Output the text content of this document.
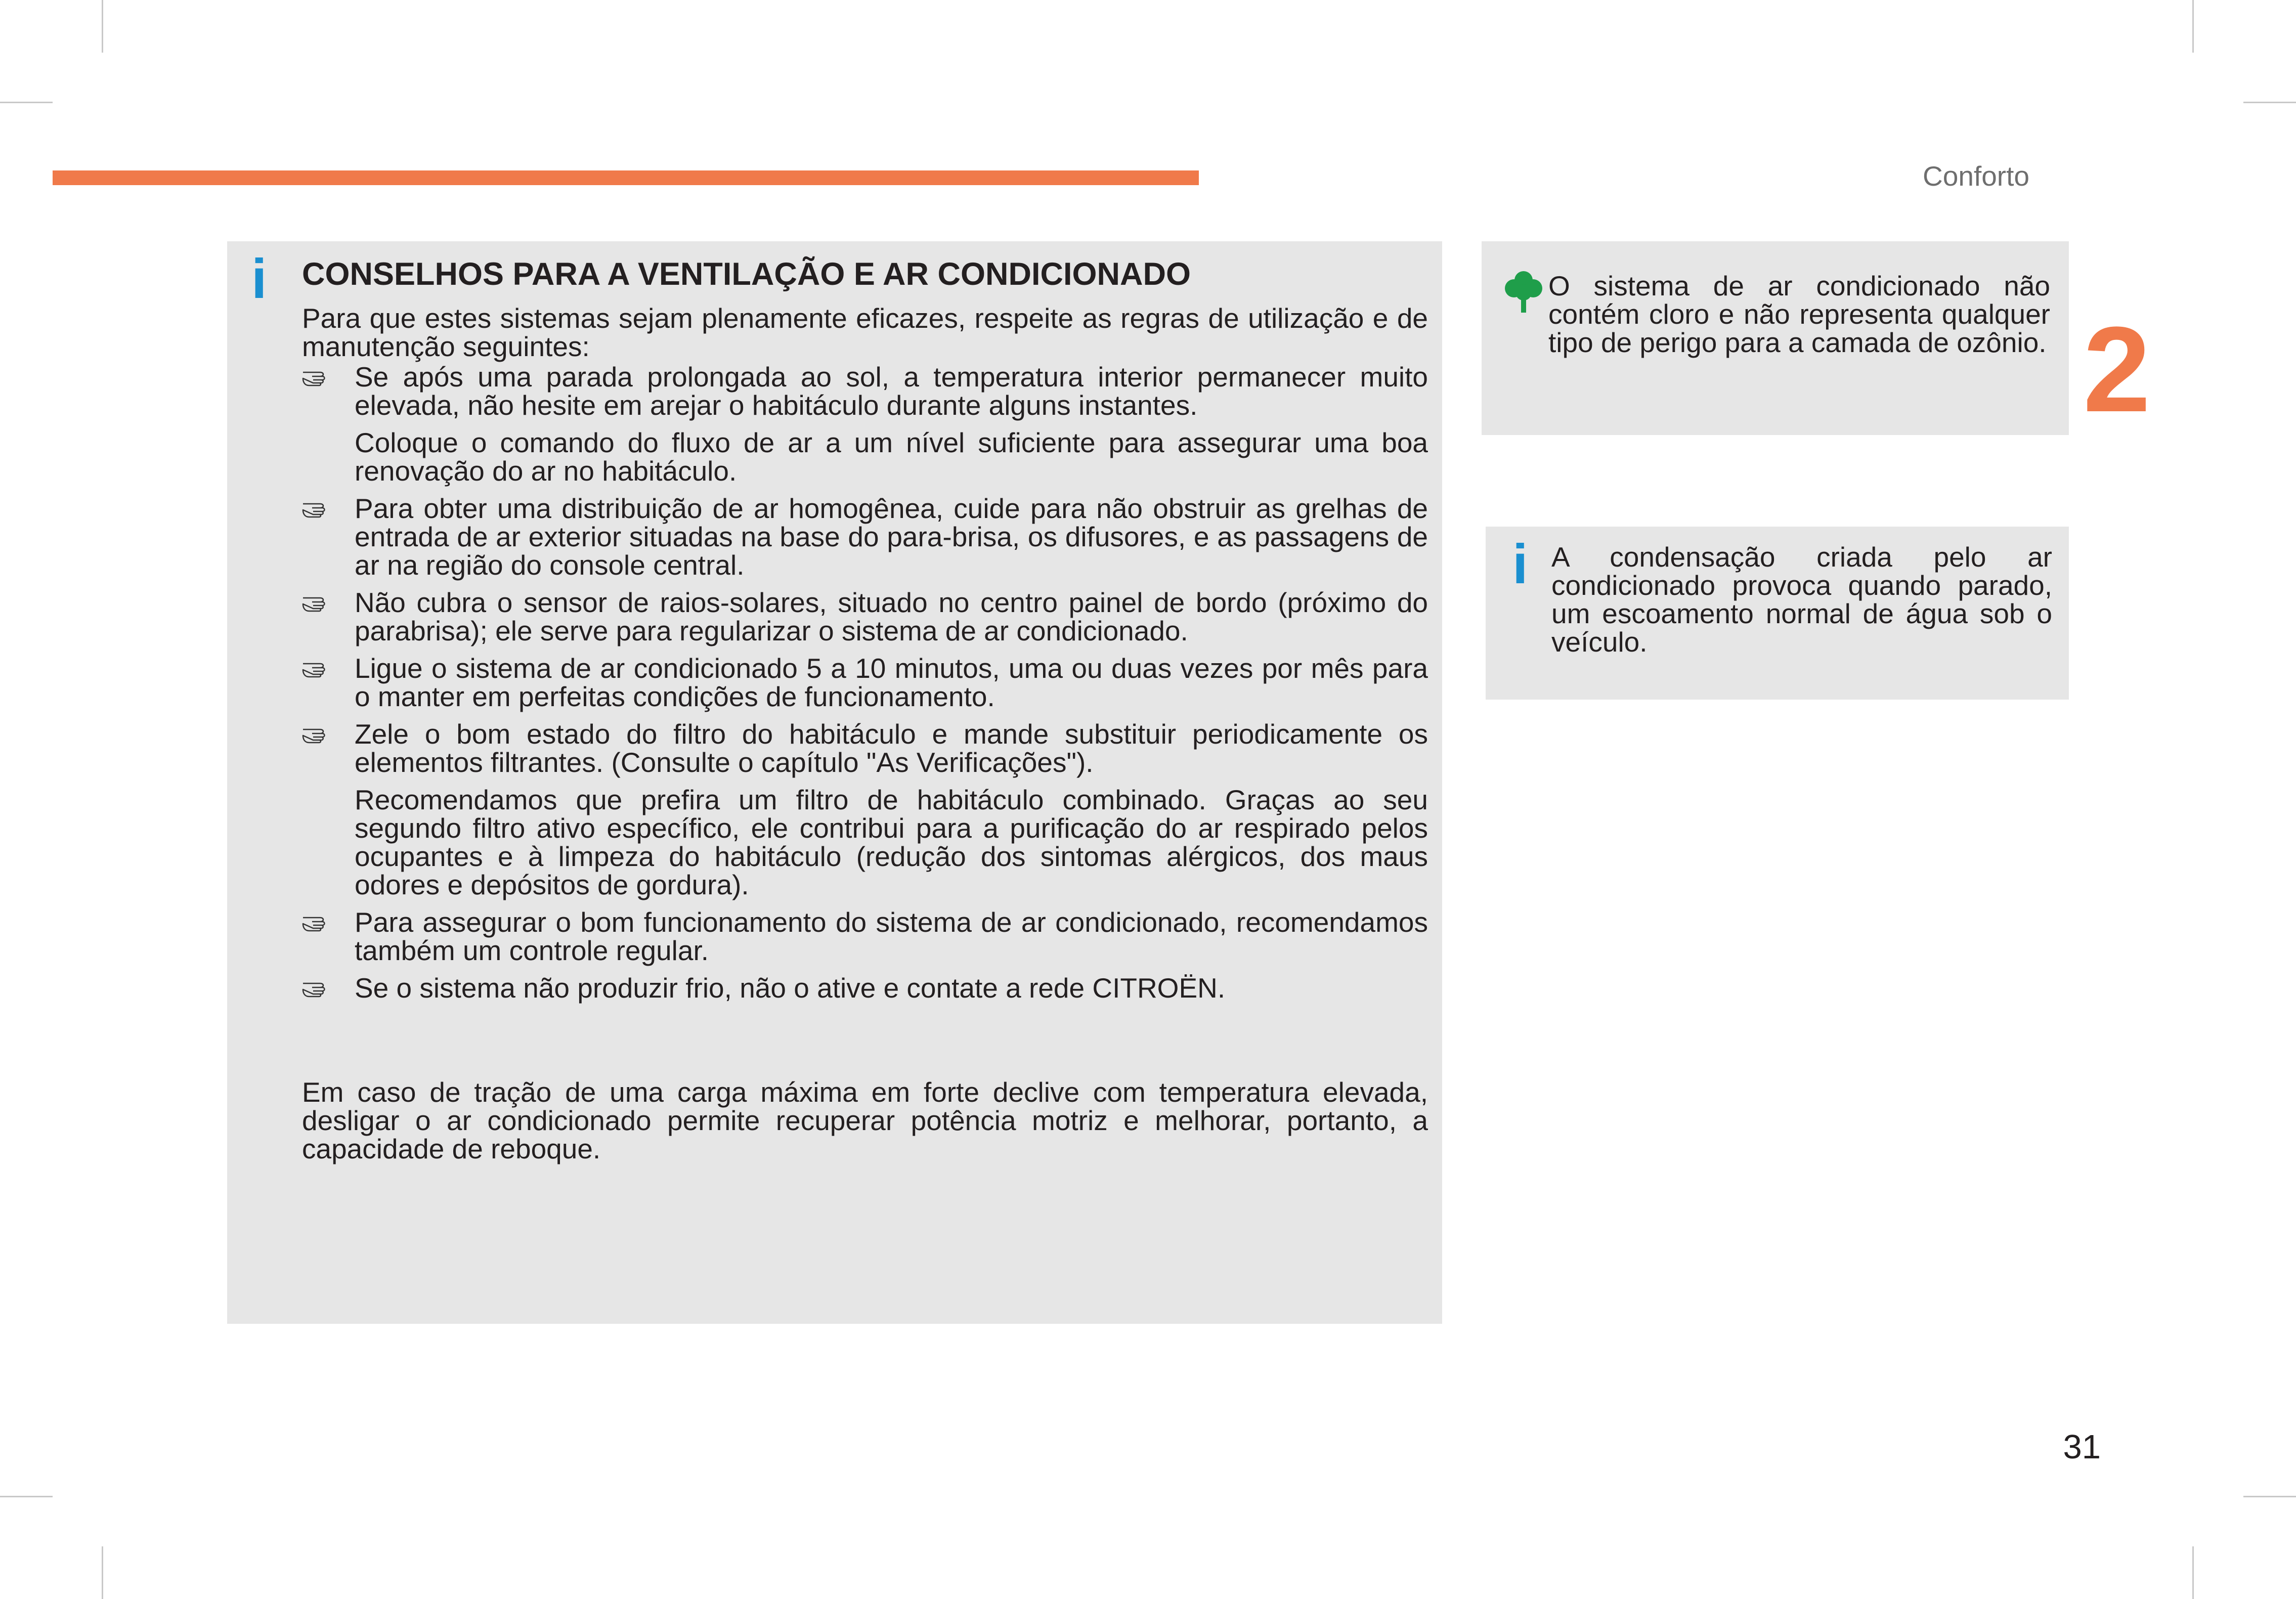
Conforto
2
i CONSELHOS PARA A VENTILAÇÃO E AR CONDICIONADO

Para que estes sistemas sejam plenamente eficazes, respeite as regras de utilização e de manutenção seguintes:

Se após uma parada prolongada ao sol, a temperatura interior permanecer muito elevada, não hesite em arejar o habitáculo durante alguns instantes.

Coloque o comando do fluxo de ar a um nível suficiente para assegurar uma boa renovação do ar no habitáculo.

Para obter uma distribuição de ar homogênea, cuide para não obstruir as grelhas de entrada de ar exterior situadas na base do para-brisa, os difusores, e as passagens de ar na região do console central.

Não cubra o sensor de raios-solares, situado no centro painel de bordo (próximo do parabrisa); ele serve para regularizar o sistema de ar condicionado.

Ligue o sistema de ar condicionado 5 a 10 minutos, uma ou duas vezes por mês para o manter em perfeitas condições de funcionamento.

Zele o bom estado do filtro do habitáculo e mande substituir periodicamente os elementos filtrantes. (Consulte o capítulo "As Verificações").

Recomendamos que prefira um filtro de habitáculo combinado. Graças ao seu segundo filtro ativo específico, ele contribui para a purificação do ar respirado pelos ocupantes e à limpeza do habitáculo (redução dos sintomas alérgicos, dos maus odores e depósitos de gordura).

Para assegurar o bom funcionamento do sistema de ar condicionado, recomendamos também um controle regular.

Se o sistema não produzir frio, não o ative e contate a rede CITROËN.

Em caso de tração de uma carga máxima em forte declive com temperatura elevada, desligar o ar condicionado permite recuperar potência motriz e melhorar, portanto, a capacidade de reboque.

O sistema de ar condicionado não contém cloro e não representa qualquer tipo de perigo para a camada de ozônio.
i A condensação criada pelo ar condicionado provoca quando parado, um escoamento normal de água sob o veículo.
31
